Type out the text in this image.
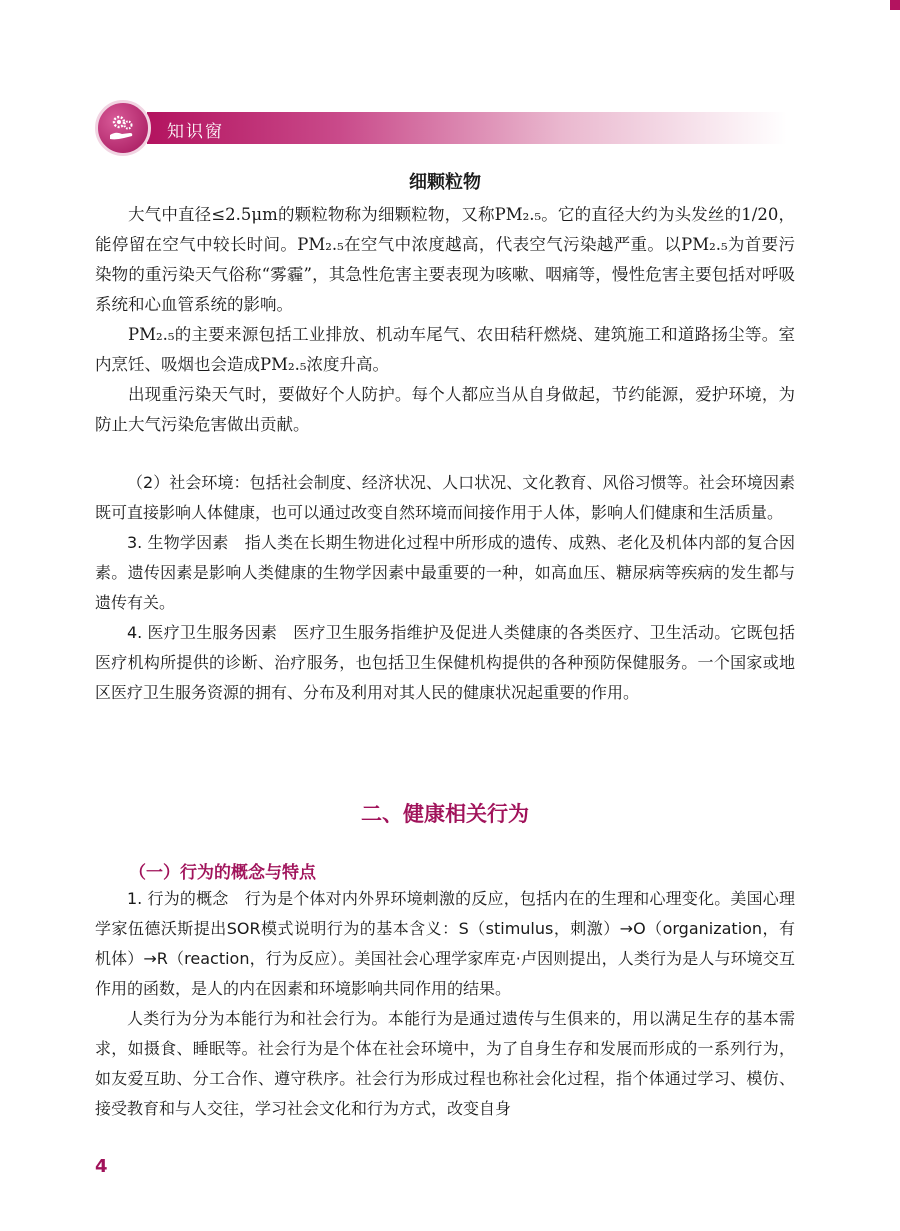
知识窗
细颗粒物

大气中直径≤2.5μm的颗粒物称为细颗粒物，又称PM₂.₅。它的直径大约为头发丝的1/20，能停留在空气中较长时间。PM₂.₅在空气中浓度越高，代表空气污染越严重。以PM₂.₅为首要污染物的重污染天气俗称“雾霾”，其急性危害主要表现为咳嗽、咽痛等，慢性危害主要包括对呼吸系统和心血管系统的影响。

PM₂.₅的主要来源包括工业排放、机动车尾气、农田秸秆燃烧、建筑施工和道路扬尘等。室内烹饪、吸烟也会造成PM₂.₅浓度升高。

出现重污染天气时，要做好个人防护。每个人都应当从自身做起，节约能源，爱护环境，为防止大气污染危害做出贡献。

（2）社会环境：包括社会制度、经济状况、人口状况、文化教育、风俗习惯等。社会环境因素既可直接影响人体健康，也可以通过改变自然环境而间接作用于人体，影响人们健康和生活质量。

3. 生物学因素　指人类在长期生物进化过程中所形成的遗传、成熟、老化及机体内部的复合因素。遗传因素是影响人类健康的生物学因素中最重要的一种，如高血压、糖尿病等疾病的发生都与遗传有关。

4. 医疗卫生服务因素　医疗卫生服务指维护及促进人类健康的各类医疗、卫生活动。它既包括医疗机构所提供的诊断、治疗服务，也包括卫生保健机构提供的各种预防保健服务。一个国家或地区医疗卫生服务资源的拥有、分布及利用对其人民的健康状况起重要的作用。

二、健康相关行为
（一）行为的概念与特点

1. 行为的概念　行为是个体对内外界环境刺激的反应，包括内在的生理和心理变化。美国心理学家伍德沃斯提出SOR模式说明行为的基本含义：S（stimulus，刺激）→O（organization，有机体）→R（reaction，行为反应）。美国社会心理学家库克·卢因则提出，人类行为是人与环境交互作用的函数，是人的内在因素和环境影响共同作用的结果。

人类行为分为本能行为和社会行为。本能行为是通过遗传与生俱来的，用以满足生存的基本需求，如摄食、睡眠等。社会行为是个体在社会环境中，为了自身生存和发展而形成的一系列行为，如友爱互助、分工合作、遵守秩序。社会行为形成过程也称社会化过程，指个体通过学习、模仿、接受教育和与人交往，学习社会文化和行为方式，改变自身

4
